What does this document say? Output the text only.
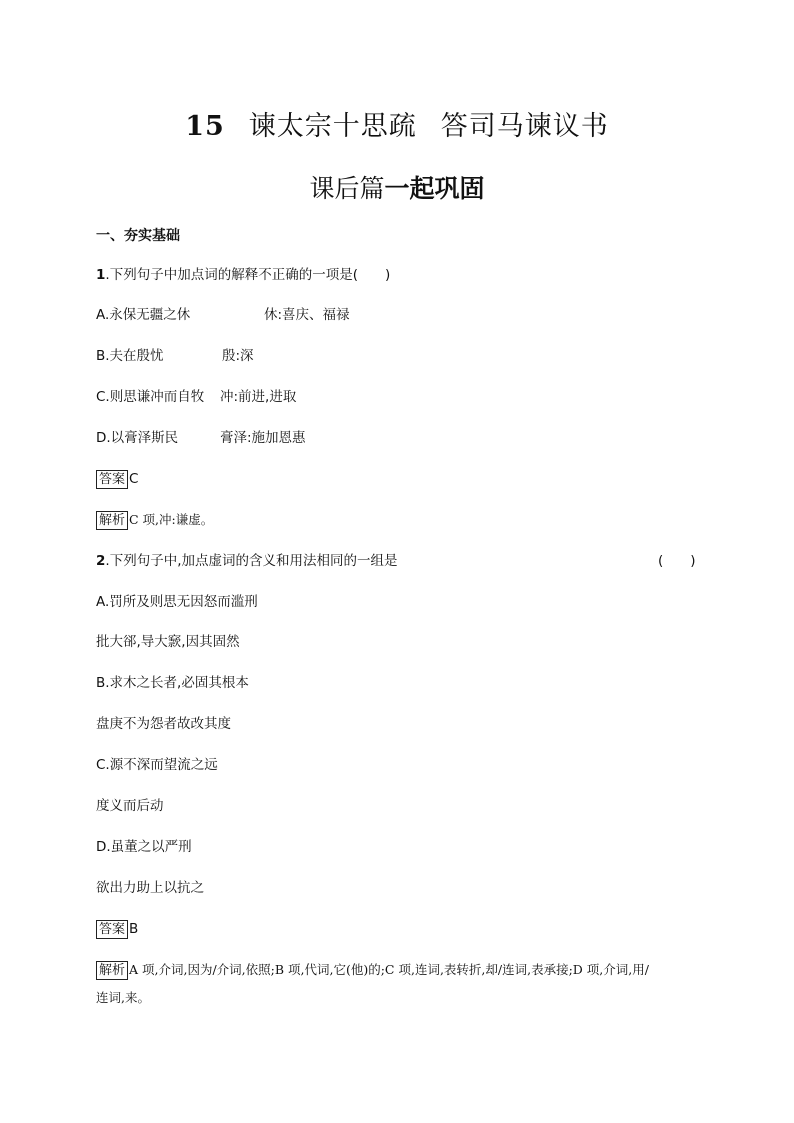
15 谏太宗十思疏 答司马谏议书
课后篇一起巩固
一、夯实基础
1.下列句子中加点词的解释不正确的一项是(　　)
A.永保无疆之休	休:喜庆、福禄
B.夫在殷忧	殷:深
C.则思谦冲而自牧 冲:前进,进取
D.以膏泽斯民	膏泽:施加恩惠
答案 C
解析 C 项,冲:谦虚。
2.下列句子中,加点虚词的含义和用法相同的一组是	(　　)
A.罚所及则思无因怒而滥刑
批大郤,导大窾,因其固然
B.求木之长者,必固其根本
盘庚不为怨者故改其度
C.源不深而望流之远
度义而后动
D.虽董之以严刑
欲出力助上以抗之
答案 B
解析 A 项,介词,因为/介词,依照;B 项,代词,它(他)的;C 项,连词,表转折,却/连词,表承接;D 项,介词,用/
连词,来。
